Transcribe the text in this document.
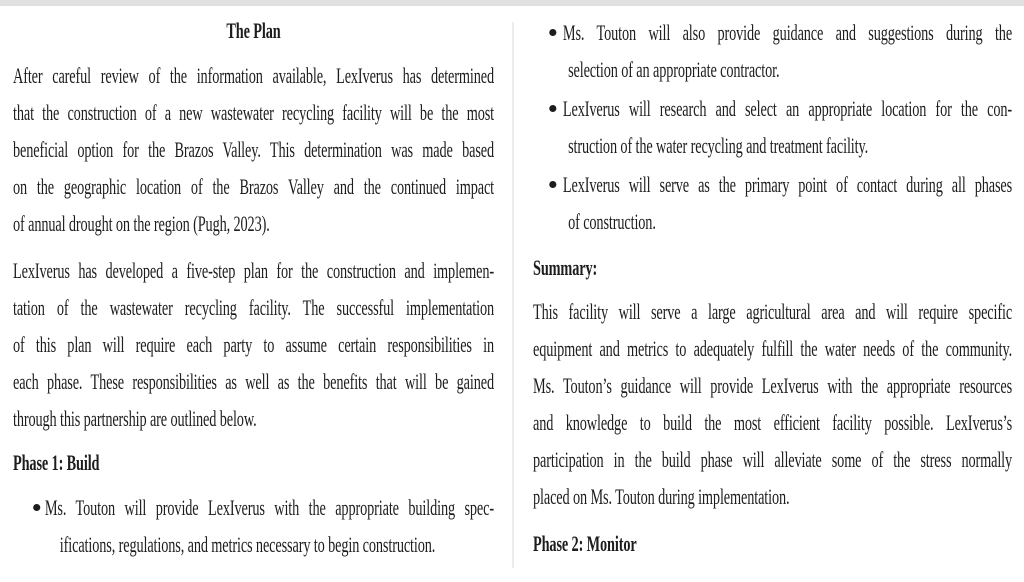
The Plan
After careful review of the information available, LexIverus has determined
that the construction of a new wastewater recycling facility will be the most
beneficial option for the Brazos Valley. This determination was made based
on the geographic location of the Brazos Valley and the continued impact
of annual drought on the region (Pugh, 2023).
LexIverus has developed a five-step plan for the construction and implemen-
tation of the wastewater recycling facility. The successful implementation
of this plan will require each party to assume certain responsibilities in
each phase. These responsibilities as well as the benefits that will be gained
through this partnership are outlined below.
Phase 1: Build
Ms. Touton will provide LexIverus with the appropriate building spec-
ifications, regulations, and metrics necessary to begin construction.
Ms. Touton will also provide guidance and suggestions during the
selection of an appropriate contractor.
LexIverus will research and select an appropriate location for the con-
struction of the water recycling and treatment facility.
LexIverus will serve as the primary point of contact during all phases
of construction.
Summary:
This facility will serve a large agricultural area and will require specific
equipment and metrics to adequately fulfill the water needs of the community.
Ms. Touton’s guidance will provide LexIverus with the appropriate resources
and knowledge to build the most efficient facility possible. LexIverus’s
participation in the build phase will alleviate some of the stress normally
placed on Ms. Touton during implementation.
Phase 2: Monitor
